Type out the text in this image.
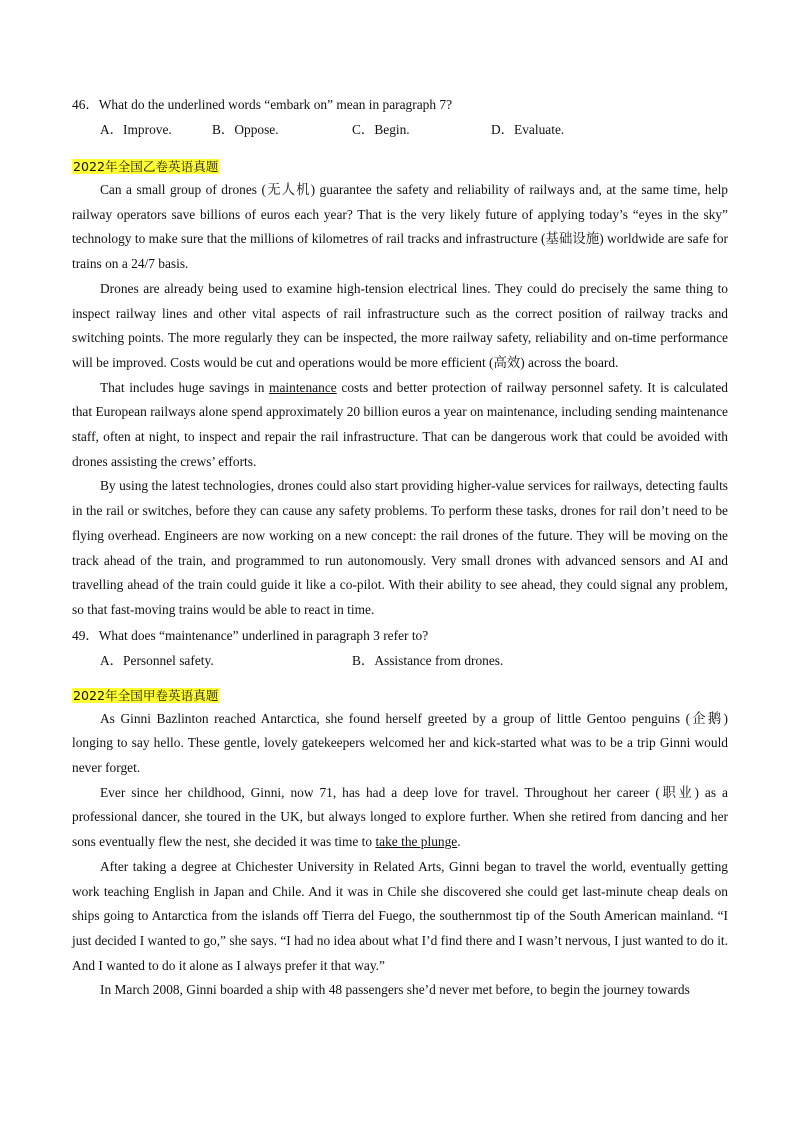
46．What do the underlined words “embark on” mean in paragraph 7?
A．Improve.	B．Oppose.	C．Begin.	D．Evaluate.
2022年全国乙卷英语真题

Can a small group of drones (无人机) guarantee the safety and reliability of railways and, at the same time, help railway operators save billions of euros each year? That is the very likely future of applying today’s “eyes in the sky” technology to make sure that the millions of kilometres of rail tracks and infrastructure (基础设施) worldwide are safe for trains on a 24/7 basis.

Drones are already being used to examine high-tension electrical lines. They could do precisely the same thing to inspect railway lines and other vital aspects of rail infrastructure such as the correct position of railway tracks and switching points. The more regularly they can be inspected, the more railway safety, reliability and on-time performance will be improved. Costs would be cut and operations would be more efficient (高效) across the board.

That includes huge savings in maintenance costs and better protection of railway personnel safety. It is calculated that European railways alone spend approximately 20 billion euros a year on maintenance, including sending maintenance staff, often at night, to inspect and repair the rail infrastructure. That can be dangerous work that could be avoided with drones assisting the crews’ efforts.

By using the latest technologies, drones could also start providing higher-value services for railways, detecting faults in the rail or switches, before they can cause any safety problems. To perform these tasks, drones for rail don’t need to be flying overhead. Engineers are now working on a new concept: the rail drones of the future. They will be moving on the track ahead of the train, and programmed to run autonomously. Very small drones with advanced sensors and AI and travelling ahead of the train could guide it like a co-pilot. With their ability to see ahead, they could signal any problem, so that fast-moving trains would be able to react in time.

49．What does “maintenance” underlined in paragraph 3 refer to?
A．Personnel safety.	B．Assistance from drones.
2022年全国甲卷英语真题

As Ginni Bazlinton reached Antarctica, she found herself greeted by a group of little Gentoo penguins (企鹅) longing to say hello. These gentle, lovely gatekeepers welcomed her and kick-started what was to be a trip Ginni would never forget.

Ever since her childhood, Ginni, now 71, has had a deep love for travel. Throughout her career (职业) as a professional dancer, she toured in the UK, but always longed to explore further. When she retired from dancing and her sons eventually flew the nest, she decided it was time to take the plunge.

After taking a degree at Chichester University in Related Arts, Ginni began to travel the world, eventually getting work teaching English in Japan and Chile. And it was in Chile she discovered she could get last-minute cheap deals on ships going to Antarctica from the islands off Tierra del Fuego, the southernmost tip of the South American mainland. “I just decided I wanted to go,” she says. “I had no idea about what I’d find there and I wasn’t nervous, I just wanted to do it. And I wanted to do it alone as I always prefer it that way.”

In March 2008, Ginni boarded a ship with 48 passengers she’d never met before, to begin the journey towards
